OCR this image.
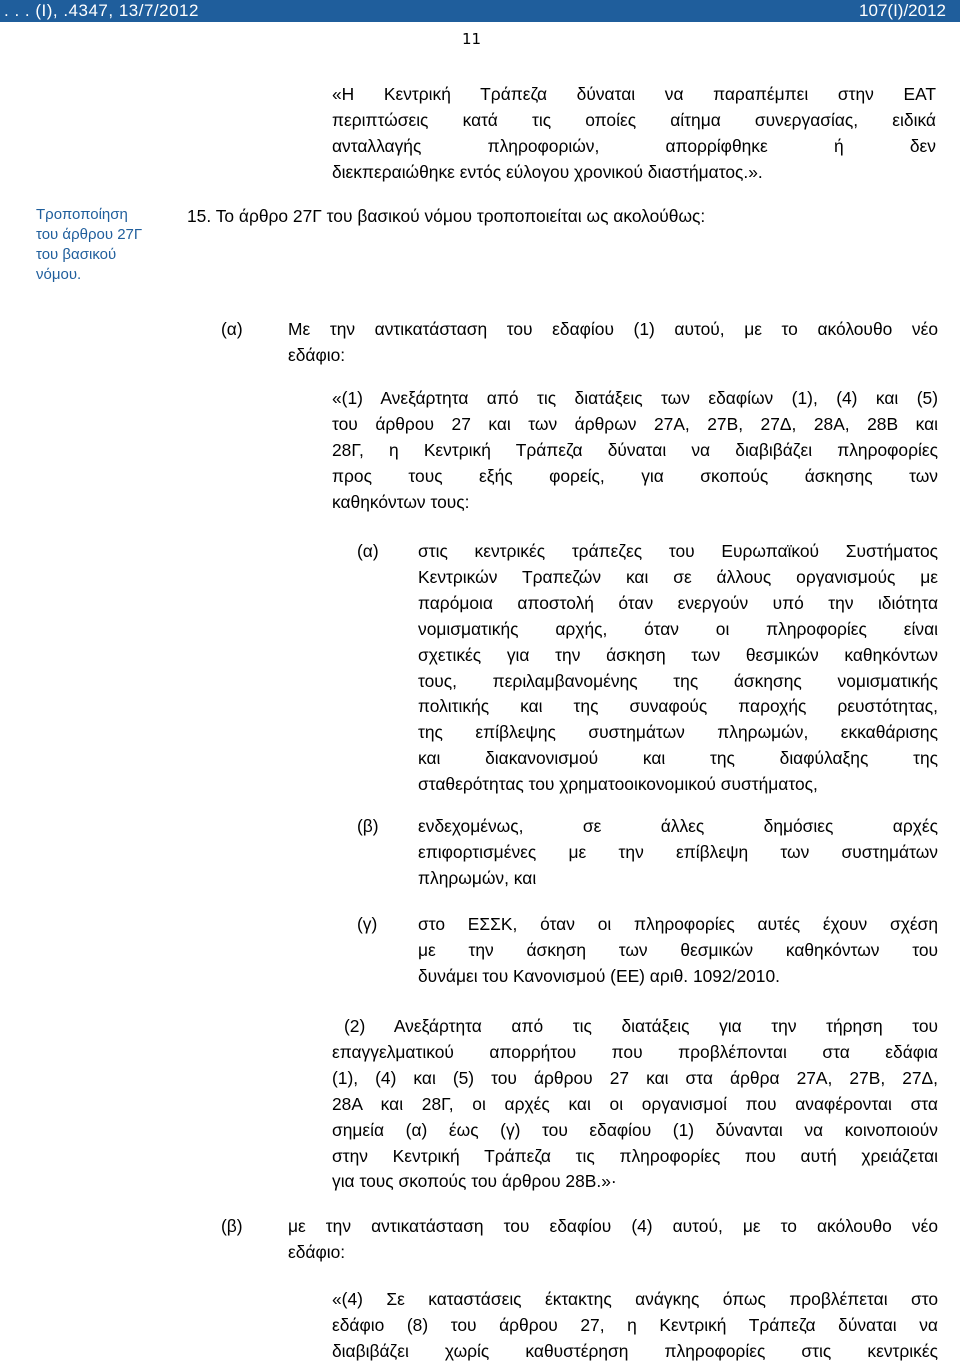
. . . (Ι), .4347, 13/7/2012	107(Ι)/2012
11

«Η Κεντρική Τράπεζα δύναται να παραπέμπει στην ΕΑΤ

περιπτώσεις κατά τις οποίες αίτημα συνεργασίας, ειδικά

ανταλλαγής πληροφοριών, απορρίφθηκε ή δεν

διεκπεραιώθηκε εντός εύλογου χρονικού διαστήματος.».

Τροποποίηση
του άρθρου 27Γ
του βασικού
νόμου.
15. Το άρθρο 27Γ του βασικού νόμου τροποποιείται ως ακολούθως:
(α)	Με την αντικατάσταση του εδαφίου (1) αυτού, με το ακόλουθο νέο

εδάφιο:

«(1) Ανεξάρτητα από τις διατάξεις των εδαφίων (1), (4) και (5)

του άρθρου 27 και των άρθρων 27Α, 27Β, 27Δ, 28Α, 28Β και

28Γ, η Κεντρική Τράπεζα δύναται να διαβιβάζει πληροφορίες

προς τους εξής φορείς, για σκοπούς άσκησης των

καθηκόντων τους:

(α) στις κεντρικές τράπεζες του Ευρωπαϊκού Συστήματος

Κεντρικών Τραπεζών και σε άλλους οργανισμούς με

παρόμοια αποστολή όταν ενεργούν υπό την ιδιότητα

νομισματικής αρχής, όταν οι πληροφορίες είναι

σχετικές για την άσκηση των θεσμικών καθηκόντων

τους, περιλαμβανομένης της άσκησης νομισματικής

πολιτικής και της συναφούς παροχής ρευστότητας,

της επίβλεψης συστημάτων πληρωμών, εκκαθάρισης

και διακανονισμού και της διαφύλαξης της

σταθερότητας του χρηματοοικονομικού συστήματος,

(β) ενδεχομένως, σε άλλες δημόσιες αρχές

επιφορτισμένες με την επίβλεψη των συστημάτων

πληρωμών, και

(γ) στο ΕΣΣΚ, όταν οι πληροφορίες αυτές έχουν σχέση

με την άσκηση των θεσμικών καθηκόντων του

δυνάμει του Κανονισμού (ΕΕ) αριθ. 1092/2010.

(2) Ανεξάρτητα από τις διατάξεις για την τήρηση του

επαγγελματικού απορρήτου που προβλέπονται στα εδάφια

(1), (4) και (5) του άρθρου 27 και στα άρθρα 27Α, 27Β, 27Δ,

28Α και 28Γ, οι αρχές και οι οργανισμοί που αναφέρονται στα

σημεία (α) έως (γ) του εδαφίου (1) δύνανται να κοινοποιούν

στην Κεντρική Τράπεζα τις πληροφορίες που αυτή χρειάζεται

για τους σκοπούς του άρθρου 28Β.»·

(β)	με την αντικατάσταση του εδαφίου (4) αυτού, με το ακόλουθο νέο

εδάφιο:

«(4) Σε καταστάσεις έκτακτης ανάγκης όπως προβλέπεται στο

εδάφιο (8) του άρθρου 27, η Κεντρική Τράπεζα δύναται να

διαβιβάζει χωρίς καθυστέρηση πληροφορίες στις κεντρικές
